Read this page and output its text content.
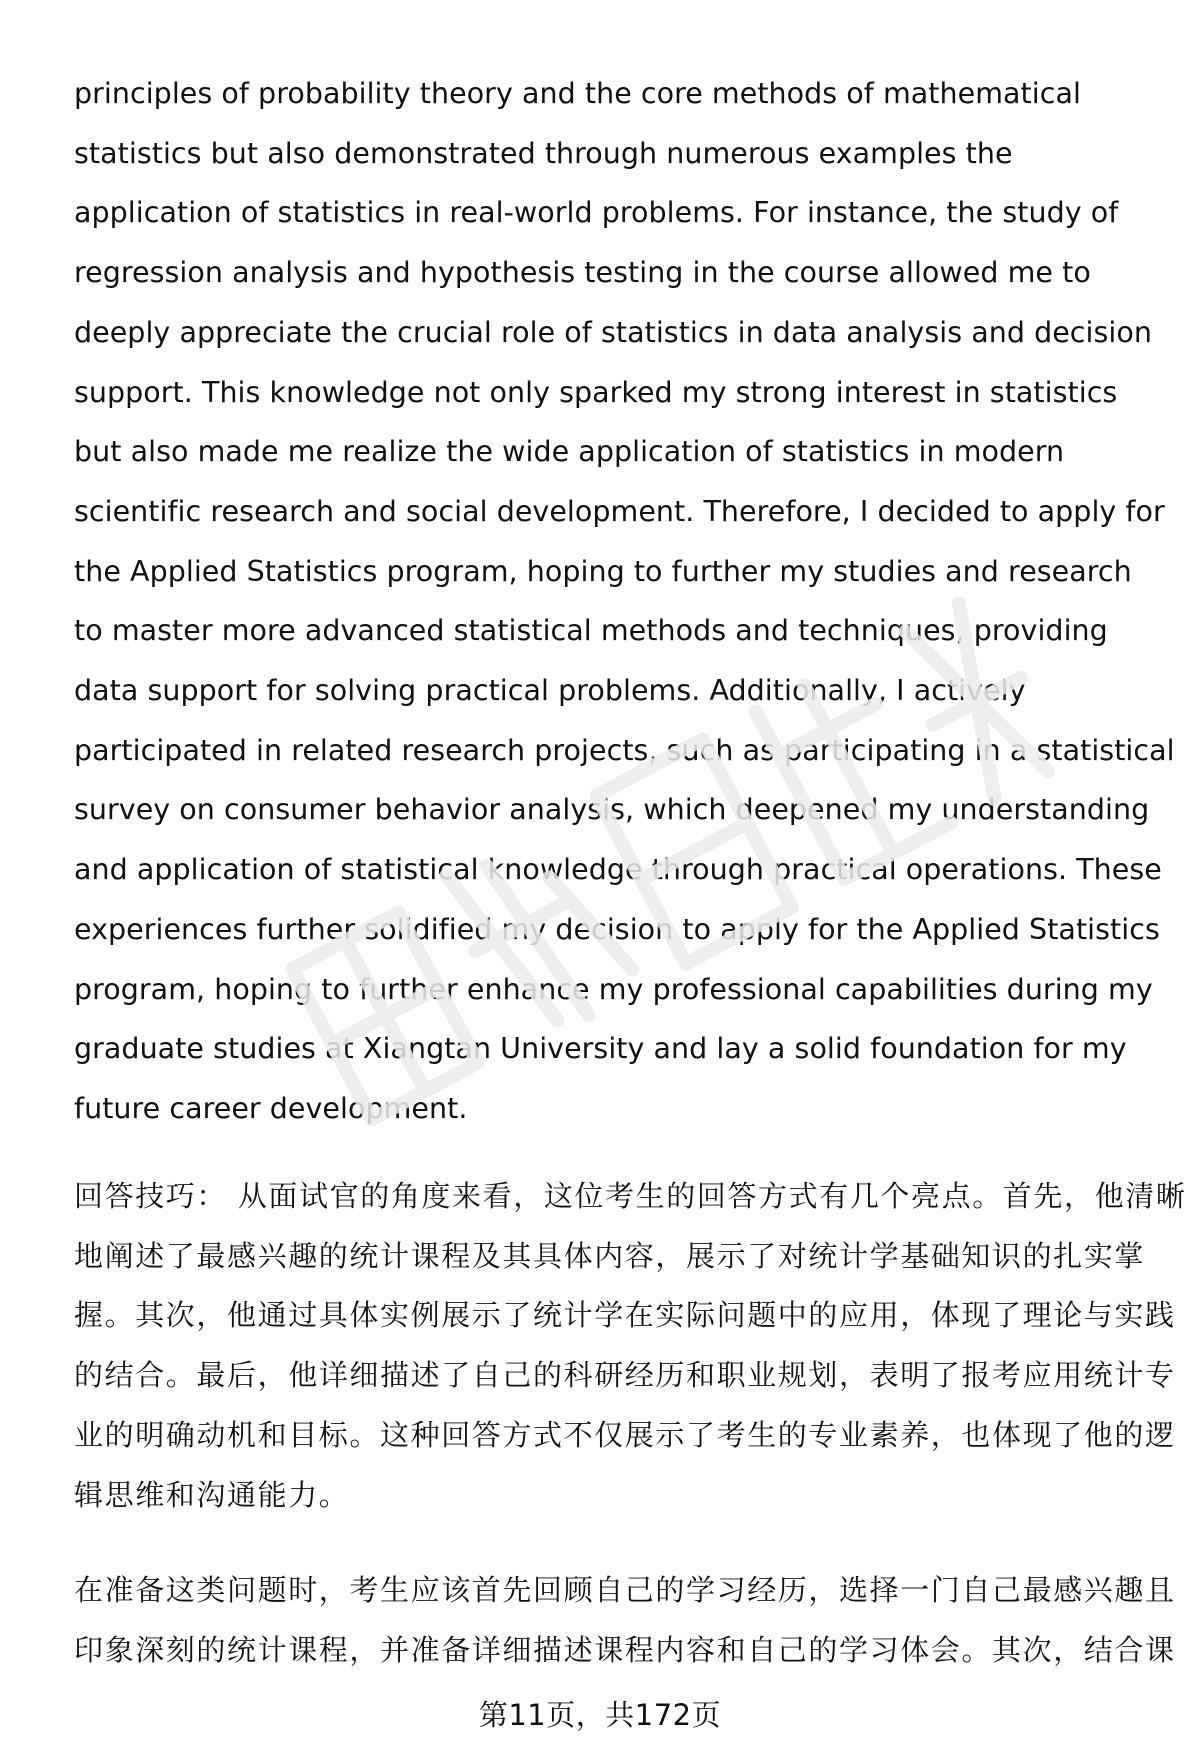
principles of probability theory and the core methods of mathematical
statistics but also demonstrated through numerous examples the
application of statistics in real-world problems. For instance, the study of
regression analysis and hypothesis testing in the course allowed me to
deeply appreciate the crucial role of statistics in data analysis and decision
support. This knowledge not only sparked my strong interest in statistics
but also made me realize the wide application of statistics in modern
scientific research and social development. Therefore, I decided to apply for
the Applied Statistics program, hoping to further my studies and research
to master more advanced statistical methods and techniques, providing
data support for solving practical problems. Additionally, I actively
participated in related research projects, such as participating in a statistical
survey on consumer behavior analysis, which deepened my understanding
and application of statistical knowledge through practical operations. These
experiences further solidified my decision to apply for the Applied Statistics
program, hoping to further enhance my professional capabilities during my
graduate studies at Xiangtan University and lay a solid foundation for my
future career development.

回答技巧： 从面试官的角度来看，这位考生的回答方式有几个亮点。首先，他清晰
地阐述了最感兴趣的统计课程及其具体内容，展示了对统计学基础知识的扎实掌
握。其次，他通过具体实例展示了统计学在实际问题中的应用，体现了理论与实践
的结合。最后，他详细描述了自己的科研经历和职业规划，表明了报考应用统计专
业的明确动机和目标。这种回答方式不仅展示了考生的专业素养，也体现了他的逻
辑思维和沟通能力。

在准备这类问题时，考生应该首先回顾自己的学习经历，选择一门自己最感兴趣且
印象深刻的统计课程，并准备详细描述课程内容和自己的学习体会。其次，结合课

第11页，共172页
